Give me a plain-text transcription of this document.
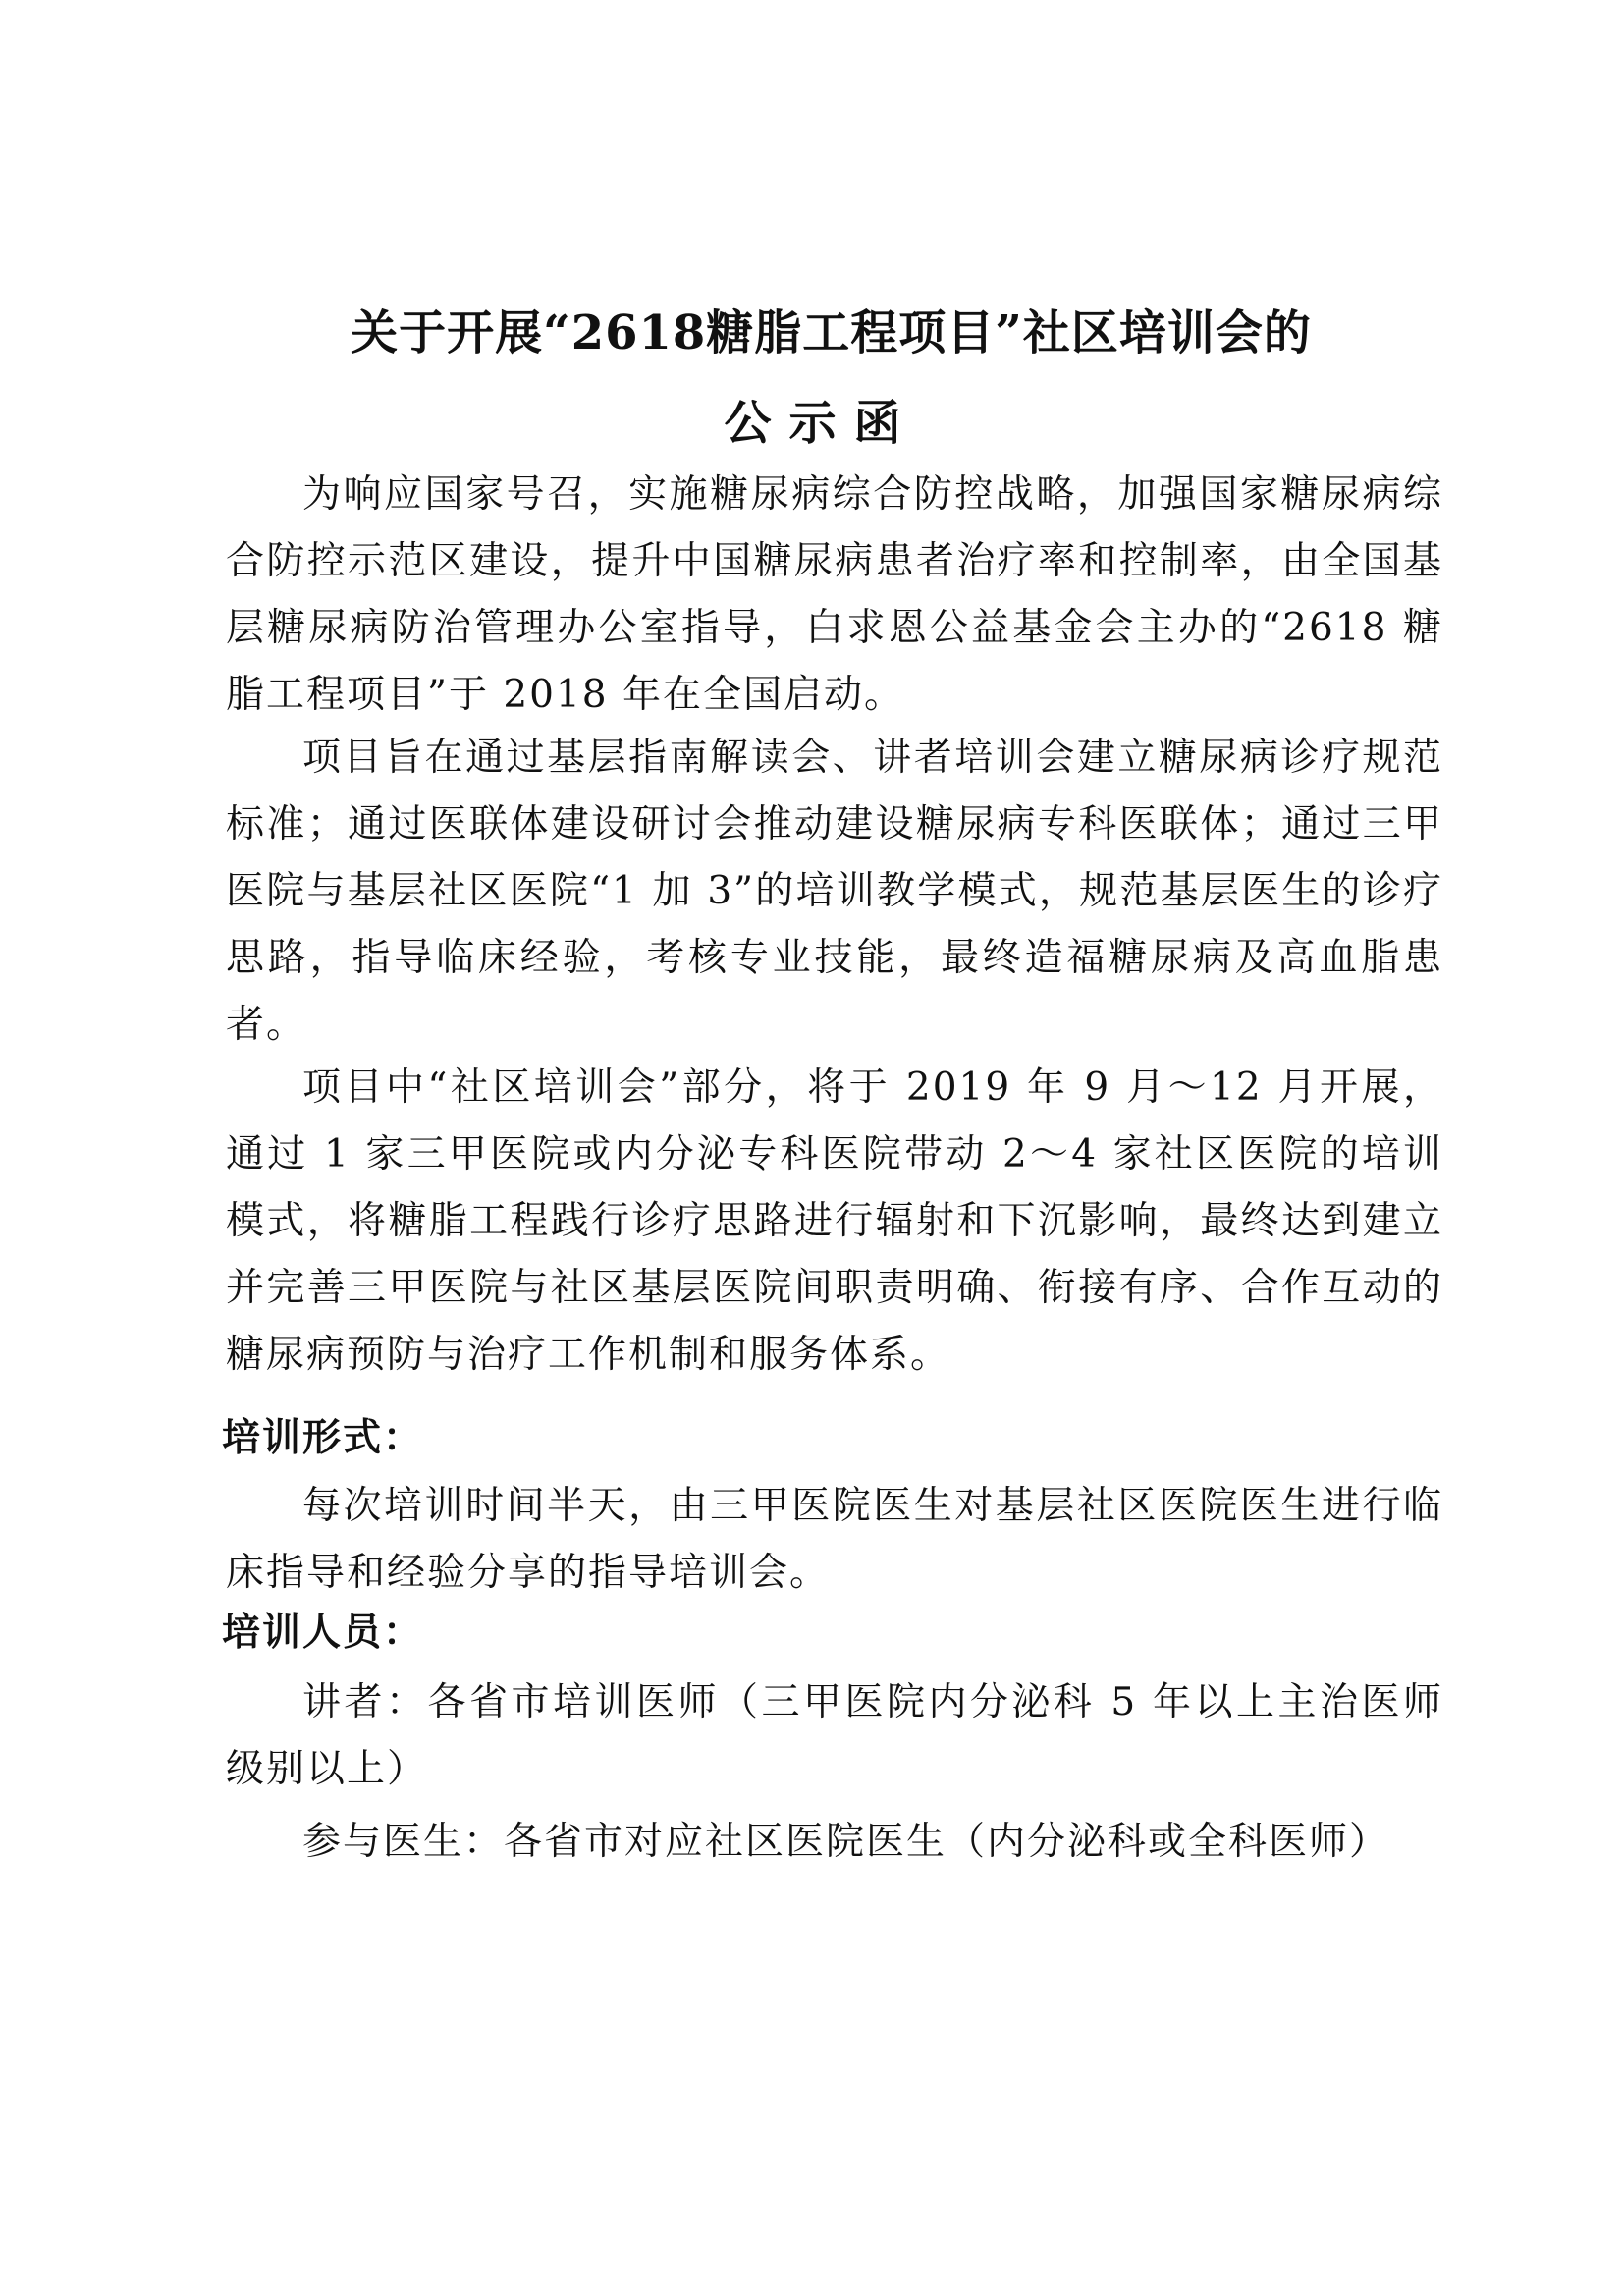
关于开展“2618糖脂工程项目”社区培训会的
公示函

为响应国家号召，实施糖尿病综合防控战略，加强国家糖尿病综合防控示范区建设，提升中国糖尿病患者治疗率和控制率，由全国基层糖尿病防治管理办公室指导，白求恩公益基金会主办的“2618 糖脂工程项目”于 2018 年在全国启动。

项目旨在通过基层指南解读会、讲者培训会建立糖尿病诊疗规范标准；通过医联体建设研讨会推动建设糖尿病专科医联体；通过三甲医院与基层社区医院“1 加 3”的培训教学模式，规范基层医生的诊疗思路，指导临床经验，考核专业技能，最终造福糖尿病及高血脂患者。

项目中“社区培训会”部分，将于 2019 年 9 月～12 月开展，通过 1 家三甲医院或内分泌专科医院带动 2～4 家社区医院的培训模式，将糖脂工程践行诊疗思路进行辐射和下沉影响，最终达到建立并完善三甲医院与社区基层医院间职责明确、衔接有序、合作互动的糖尿病预防与治疗工作机制和服务体系。

培训形式：

每次培训时间半天，由三甲医院医生对基层社区医院医生进行临床指导和经验分享的指导培训会。

培训人员：

讲者：各省市培训医师（三甲医院内分泌科 5 年以上主治医师级别以上）

参与医生：各省市对应社区医院医生（内分泌科或全科医师）
